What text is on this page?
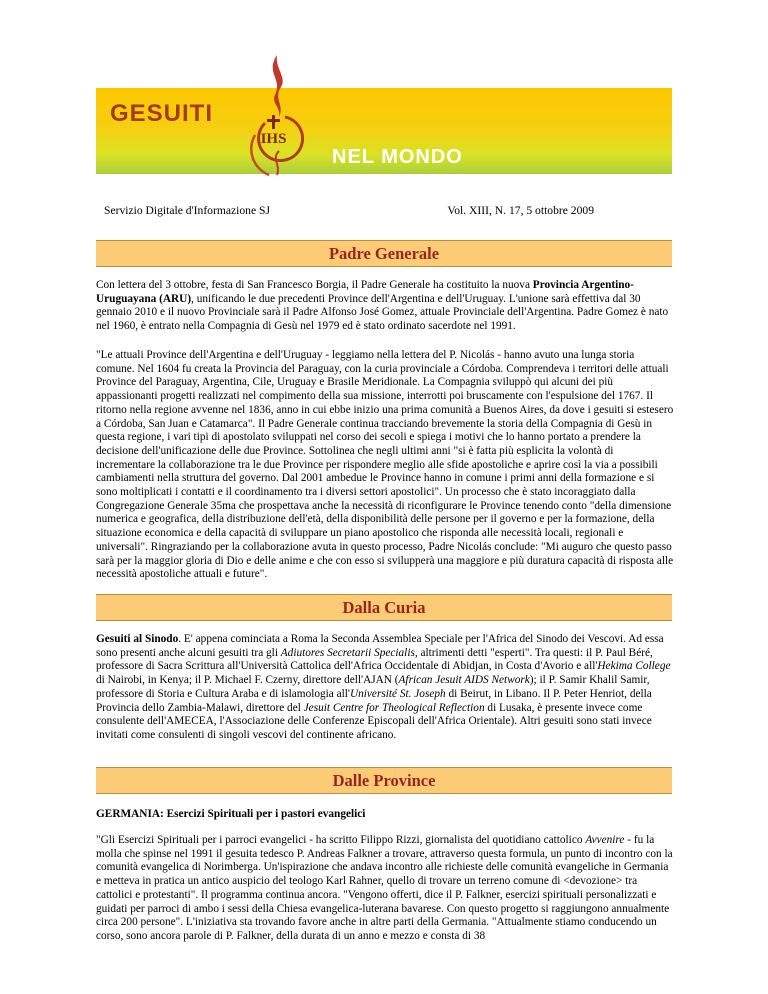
GESUITI
NEL MONDO
IHS
Servizio Digitale d'Informazione SJ	Vol. XIII, N. 17, 5 ottobre 2009
Padre Generale

Con lettera del 3 ottobre, festa di San Francesco Borgia, il Padre Generale ha costituito la nuova Provincia Argentino-Uruguayana (ARU), unificando le due precedenti Province dell'Argentina e dell'Uruguay. L'unione sarà effettiva dal 30 gennaio 2010 e il nuovo Provinciale sarà il Padre Alfonso José Gomez, attuale Provinciale dell'Argentina. Padre Gomez è nato nel 1960, è entrato nella Compagnia di Gesù nel 1979 ed è stato ordinato sacerdote nel 1991.

"Le attuali Province dell'Argentina e dell'Uruguay - leggiamo nella lettera del P. Nicolás - hanno avuto una lunga storia comune. Nel 1604 fu creata la Provincia del Paraguay, con la curia provinciale a Córdoba. Comprendeva i territori delle attuali Province del Paraguay, Argentina, Cile, Uruguay e Brasile Meridionale. La Compagnia sviluppò qui alcuni dei più appassionanti progetti realizzati nel compimento della sua missione, interrotti poi bruscamente con l'espulsione del 1767. Il ritorno nella regione avvenne nel 1836, anno in cui ebbe inizio una prima comunità a Buenos Aires, da dove i gesuiti si estesero a Córdoba, San Juan e Catamarca". Il Padre Generale continua tracciando brevemente la storia della Compagnia di Gesù in questa regione, i vari tipi di apostolato sviluppati nel corso dei secoli e spiega i motivi che lo hanno portato a prendere la decisione dell'unificazione delle due Province. Sottolinea che negli ultimi anni "si è fatta più esplicita la volontà di incrementare la collaborazione tra le due Province per rispondere meglio alle sfide apostoliche e aprire così la via a possibili cambiamenti nella struttura del governo. Dal 2001 ambedue le Province hanno in comune i primi anni della formazione e si sono moltiplicati i contatti e il coordinamento tra i diversi settori apostolici". Un processo che è stato incoraggiato dalla Congregazione Generale 35ma che prospettava anche la necessità di riconfigurare le Province tenendo conto "della dimensione numerica e geografica, della distribuzione dell'età, della disponibilità delle persone per il governo e per la formazione, della situazione economica e della capacità di sviluppare un piano apostolico che risponda alle necessità locali, regionali e universali". Ringraziando per la collaborazione avuta in questo processo, Padre Nicolás conclude: "Mi auguro che questo passo sarà per la maggior gloria di Dio e delle anime e che con esso si svilupperà una maggiore e più duratura capacità di risposta alle necessità apostoliche attuali e future".

Dalla Curia

Gesuiti al Sinodo. E' appena cominciata a Roma la Seconda Assemblea Speciale per l'Africa del Sinodo dei Vescovi. Ad essa sono presenti anche alcuni gesuiti tra gli Adiutores Secretarii Specialis, altrimenti detti "esperti". Tra questi: il P. Paul Béré, professore di Sacra Scrittura all'Università Cattolica dell'Africa Occidentale di Abidjan, in Costa d'Avorio e all'Hekima College di Nairobi, in Kenya; il P. Michael F. Czerny, direttore dell'AJAN (African Jesuit AIDS Network); il P. Samir Khalil Samir, professore di Storia e Cultura Araba e di islamologia all'Université St. Joseph di Beirut, in Libano. Il P. Peter Henriot, della Provincia dello Zambia-Malawi, direttore del Jesuit Centre for Theological Reflection di Lusaka, è presente invece come consulente dell'AMECEA, l'Associazione delle Conferenze Episcopali dell'Africa Orientale). Altri gesuiti sono stati invece invitati come consulenti di singoli vescovi del continente africano.

Dalle Province

GERMANIA: Esercizi Spirituali per i pastori evangelici

"Gli Esercizi Spirituali per i parroci evangelici - ha scritto Filippo Rizzi, giornalista del quotidiano cattolico Avvenire - fu la molla che spinse nel 1991 il gesuita tedesco P. Andreas Falkner a trovare, attraverso questa formula, un punto di incontro con la comunità evangelica di Norimberga. Un'ispirazione che andava incontro alle richieste delle comunità evangeliche in Germania e metteva in pratica un antico auspicio del teologo Karl Rahner, quello di trovare un terreno comune di <devozione> tra cattolici e protestanti". Il programma continua ancora. "Vengono offerti, dice il P. Falkner, esercizi spirituali personalizzati e guidati per parroci di ambo i sessi della Chiesa evangelica-luterana bavarese. Con questo progetto si raggiungono annualmente circa 200 persone". L'iniziativa sta trovando favore anche in altre parti della Germania. "Attualmente stiamo conducendo un corso, sono ancora parole di P. Falkner, della durata di un anno e mezzo e consta di 38
